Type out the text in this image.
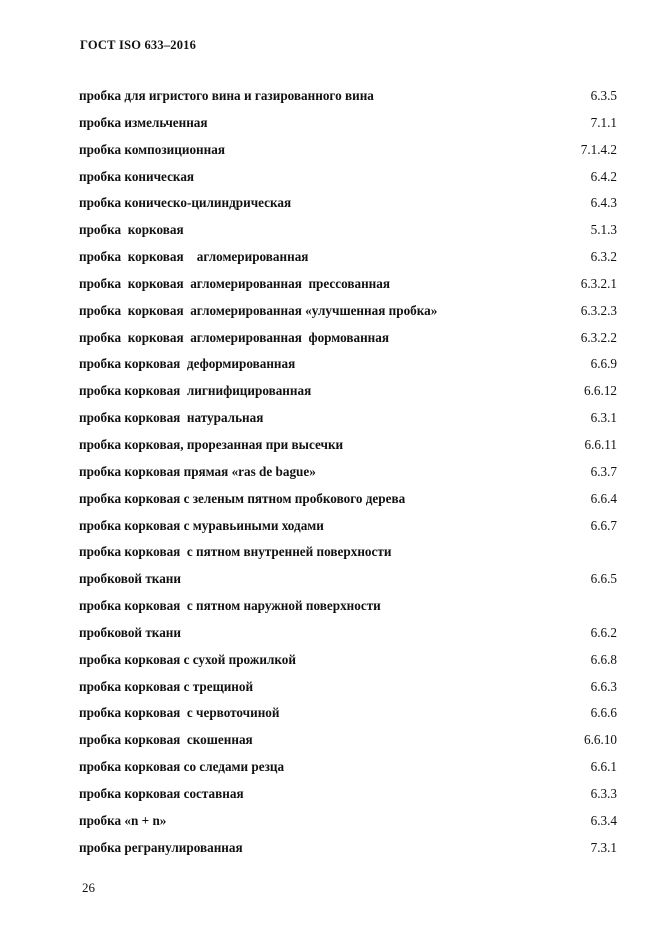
ГОСТ ISO 633–2016
пробка для игристого вина и газированного вина	6.3.5
пробка измельченная	7.1.1
пробка композиционная	7.1.4.2
пробка коническая	6.4.2
пробка коническо-цилиндрическая	6.4.3
пробка  корковая	5.1.3
пробка  корковая    агломерированная	6.3.2
пробка  корковая  агломерированная  прессованная	6.3.2.1
пробка  корковая  агломерированная «улучшенная пробка»	6.3.2.3
пробка  корковая  агломерированная  формованная	6.3.2.2
пробка корковая  деформированная	6.6.9
пробка корковая  лигнифицированная	6.6.12
пробка корковая  натуральная	6.3.1
пробка корковая, прорезанная при высечки	6.6.11
пробка корковая прямая «ras de bague»	6.3.7
пробка корковая с зеленым пятном пробкового дерева	6.6.4
пробка корковая с муравьиными ходами	6.6.7
пробка корковая  с пятном внутренней поверхности
пробковой ткани	6.6.5
пробка корковая  с пятном наружной поверхности
пробковой ткани	6.6.2
пробка корковая с сухой прожилкой	6.6.8
пробка корковая с трещиной	6.6.3
пробка корковая  с червоточиной	6.6.6
пробка корковая  скошенная	6.6.10
пробка корковая со следами резца	6.6.1
пробка корковая составная	6.3.3
пробка «n + n»	6.3.4
пробка регранулированная	7.3.1
26
